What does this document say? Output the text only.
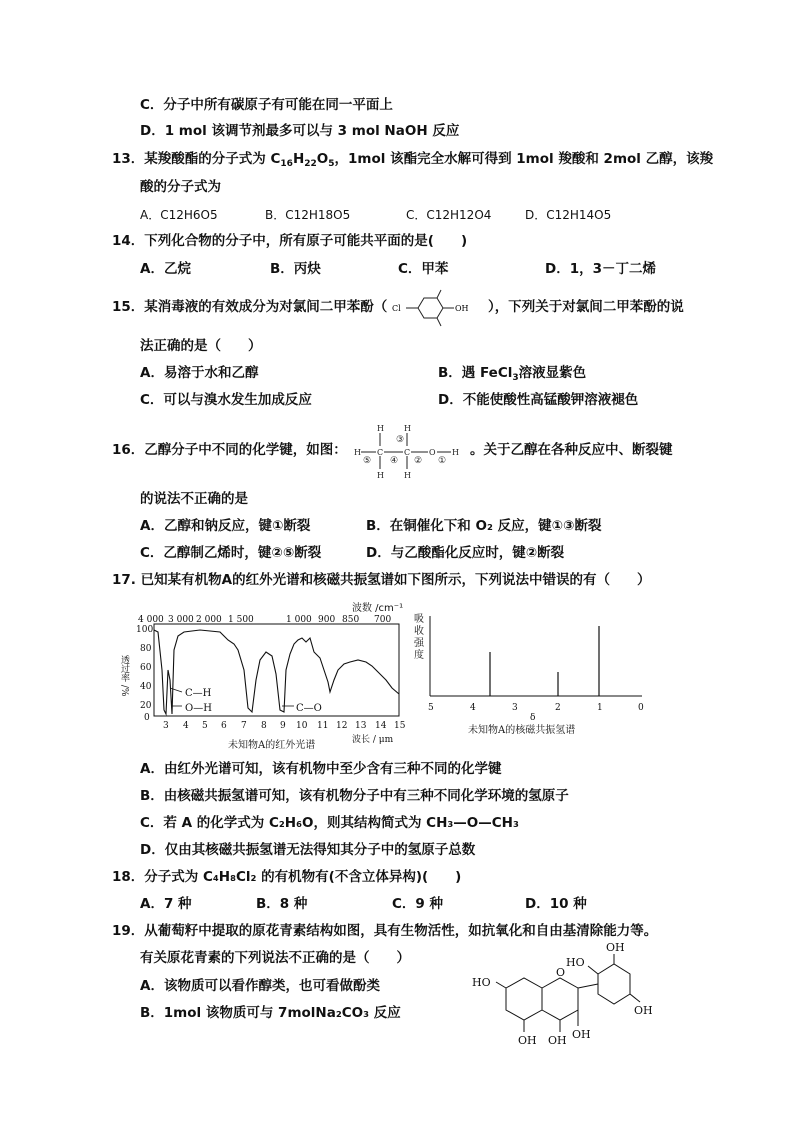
C．分子中所有碳原子有可能在同一平面上
D．1 mol 该调节剂最多可以与 3 mol NaOH 反应
13．某羧酸酯的分子式为 $C_{16}H_{22}O_5$，1mol 该酯完全水解可得到 1mol 羧酸和 2mol 乙醇，该羧
酸的分子式为
A．C12H6O5	B．C12H18O5	C．C12H12O4	D．C12H14O5
14．下列化合物的分子中，所有原子可能共平面的是(　　)
A．乙烷	B．丙炔	C．甲苯	D．1，3－丁二烯
15．某消毒液的有效成分为对氯间二甲苯酚（ Cl	OH ），下列关于对氯间二甲苯酚的说
法正确的是（　　）
A．易溶于水和乙醇	B．遇 FeCl$_3$溶液显紫色
C．可以与溴水发生加成反应	D．不能使酸性高锰酸钾溶液褪色
16．乙醇分子中不同的化学键，如图： H C	C O H
H	H
H	H
⑤ ④ ② ①
③
。关于乙醇在各种反应中、断裂键
的说法不正确的是
A．乙醇和钠反应，键①断裂	B．在铜催化下和 O₂ 反应，键①③断裂
C．乙醇制乙烯时，键②⑤断裂	D．与乙酸酯化反应时，键②断裂
17. 已知某有机物A的红外光谱和核磁共振氢谱如下图所示，下列说法中错误的有（　　）
波数 /cm⁻¹
4 000 3 000 2 000 1 500	1 000 900 850 700
100
80
60
40
20
0
透过率 /%	C—H
O—H	C—O
3 4 5 6 7 8 9 10 11 12 13 14 15
波长 / μm
未知物A的红外光谱
吸
收
强
度
5	4	3	2	1	0
δ
未知物A的核磁共振氢谱
A．由红外光谱可知，该有机物中至少含有三种不同的化学键
B．由核磁共振氢谱可知，该有机物分子中有三种不同化学环境的氢原子
C．若 A 的化学式为 C₂H₆O，则其结构简式为 CH₃—O—CH₃
D．仅由其核磁共振氢谱无法得知其分子中的氢原子总数
18．分子式为 C₄H₈Cl₂ 的有机物有(不含立体异构)(　　)
A．7 种	B．8 种	C．9 种	D．10 种
19．从葡萄籽中提取的原花青素结构如图，具有生物活性，如抗氧化和自由基清除能力等。
有关原花青素的下列说法不正确的是（　　）
A．该物质可以看作醇类，也可看做酚类
B．1mol 该物质可与 7molNa₂CO₃ 反应
HO
O
OH OH OH
OH
HO
OH
